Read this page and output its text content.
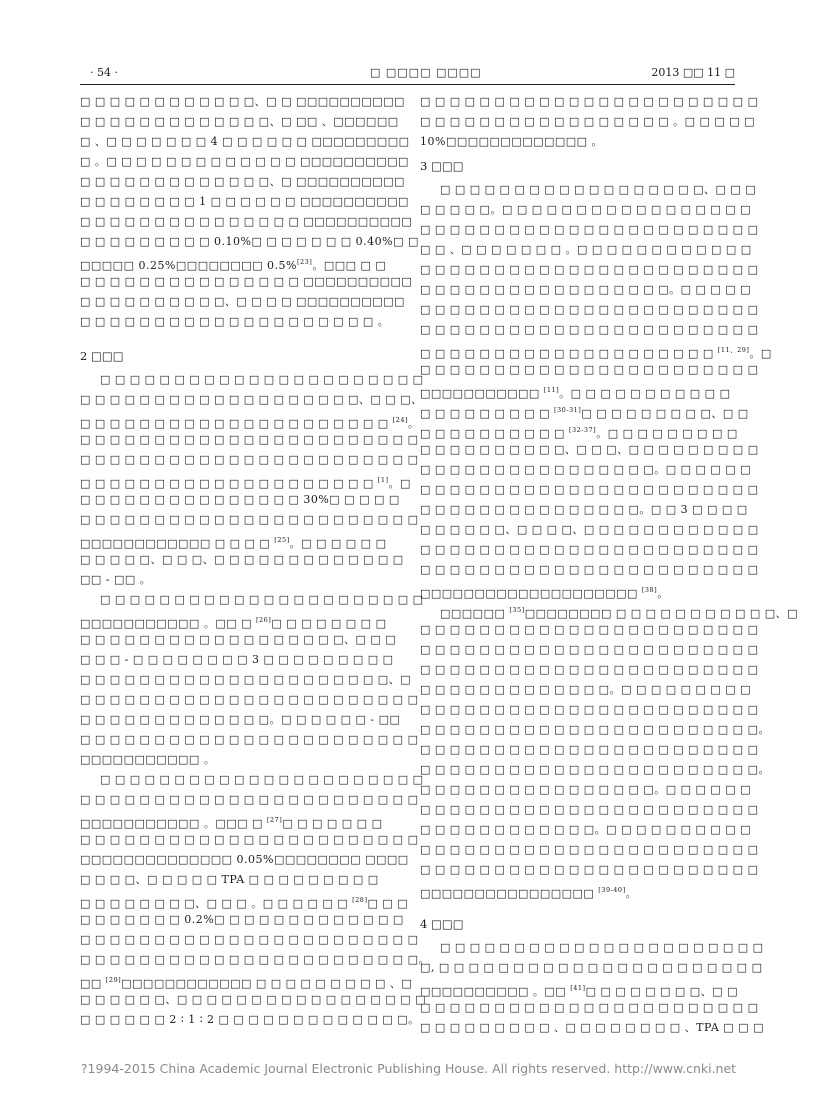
· 54 ·	□ □□□□ □□□□	2013 □□ 11 □
□ □ □ □ □ □ □ □ □ □ □ □、□ □ □□□□□□□□□□
□ □ □ □ □ □ □ □ □ □ □ □ □、□ □□ 、□□□□□□
□ 、□ □ □ □ □ □ □ 4 □ □ □ □ □ □ □□□□□□□□□
□ 。□ □ □ □ □ □ □ □ □ □ □ □ □ □□□□□□□□□□
□ □ □ □ □ □ □ □ □ □ □ □ □、□ □□□□□□□□□□
□ □ □ □ □ □ □ □ 1 □ □ □ □ □ □ □□□□□□□□□□
□ □ □ □ □ □ □ □ □ □ □ □ □ □ □ □□□□□□□□□□
□ □ □ □ □ □ □ □ □ 0.10%□ □ □ □ □ □ □ 0.40%□ □
□□□□□ 0.25%□□□□□□□□ 0.5%[23]。□□□ □ □
□ □ □ □ □ □ □ □ □ □ □ □ □ □ □ □□□□□□□□□□
□ □ □ □ □ □ □ □ □ □、□ □ □ □ □□□□□□□□□□
□ □ □ □ □ □ □ □ □ □ □ □ □ □ □ □ □ □ □ □ 。
2 □□□
□ □ □ □ □ □ □ □ □ □ □ □ □ □ □ □ □ □ □ □ □ □
□ □ □ □ □ □ □ □ □ □ □ □ □ □ □ □ □ □ □、□ □ □、
□ □ □ □ □ □ □ □ □ □ □ □ □ □ □ □ □ □ □ □ □ [24]。
□ □ □ □ □ □ □ □ □ □ □ □ □ □ □ □ □ □ □ □ □ □ □
□ □ □ □ □ □ □ □ □ □ □ □ □ □ □ □ □ □ □ □ □ □ □
□ □ □ □ □ □ □ □ □ □ □ □ □ □ □ □ □ □ □ □ [1]。□
□ □ □ □ □ □ □ □ □ □ □ □ □ □ □ 30%□ □ □ □ □
□ □ □ □ □ □ □ □ □ □ □ □ □ □ □ □ □ □ □ □ □ □ □
□□□□□□□□□□□□ □ □ □ □ [25]。□ □ □ □ □ □
□ □ □ □ □、□ □ □、□ □ □ □ □ □ □ □ □ □ □ □ □
□□ - □□ 。
□ □ □ □ □ □ □ □ □ □ □ □ □ □ □ □ □ □ □ □ □ □
□□□□□□□□□□□ 。□□ □ [26]□ □ □ □ □ □ □ □
□ □ □ □ □ □ □ □ □ □ □ □ □ □ □ □ □ □、□ □ □
□ □ □ - □ □ □ □ □ □ □ □ 3 □ □ □ □ □ □ □ □ □
□ □ □ □ □ □ □ □ □ □ □ □ □ □ □ □ □ □ □ □ □、□
□ □ □ □ □ □ □ □ □ □ □ □ □ □ □ □ □ □ □ □ □ □ □
□ □ □ □ □ □ □ □ □ □ □ □ □。□ □ □ □ □ □ - □□
□ □ □ □ □ □ □ □ □ □ □ □ □ □ □ □ □ □ □ □ □ □ □
□□□□□□□□□□□ 。
□ □ □ □ □ □ □ □ □ □ □ □ □ □ □ □ □ □ □ □ □ □
□ □ □ □ □ □ □ □ □ □ □ □ □ □ □ □ □ □ □ □ □ □ □
□□□□□□□□□□□ 。□□□ □ [27]□ □ □ □ □ □ □
□ □ □ □ □ □ □ □ □ □ □ □ □ □ □ □ □ □ □ □ □ □ □
□□□□□□□□□□□□□□ 0.05%□□□□□□□□ □□□□
□ □ □ □、□ □ □ □ □ TPA □ □ □ □ □ □ □ □ □
□ □ □ □ □ □ □ □、□ □ □ 。□ □ □ □ □ □ [28]□ □ □
□ □ □ □ □ □ □ 0.2%□ □ □ □ □ □ □ □ □ □ □ □ □
□ □ □ □ □ □ □ □ □ □ □ □ □ □ □ □ □ □ □ □ □ □ □
□ □ □ □ □ □ □ □ □ □ □ □ □ □ □ □ □ □ □ □ □ □ □。
□□ [29]□□□□□□□□□□□□ □ □ □ □ □ □ □ □ □ 、□
□ □ □ □ □ □、□ □ □ □ □ □ □ □ □ □ □ □ □ □ □ □ □
□ □ □ □ □ □ 2 ∶ 1 ∶ 2 □ □ □ □ □ □ □ □ □ □ □ □ □。
□ □ □ □ □ □ □ □ □ □ □ □ □ □ □ □ □ □ □ □ □ □ □
□ □ □ □ □ □ □ □ □ □ □ □ □ □ □ □ □ 。□ □ □ □ □
10%□□□□□□□□□□□□□ 。
3 □□□
□ □ □ □ □ □ □ □ □ □ □ □ □ □ □ □ □ □、□ □ □
□ □ □ □ □。□ □ □ □ □ □ □ □ □ □ □ □ □ □ □ □ □
□ □ □ □ □ □ □ □ □ □ □ □ □ □ □ □ □ □ □ □ □ □ □
□ □ 、□ □ □ □ □ □ □ 。□ □ □ □ □ □ □ □ □ □ □ □
□ □ □ □ □ □ □ □ □ □ □ □ □ □ □ □ □ □ □ □ □ □ □
□ □ □ □ □ □ □ □ □ □ □ □ □ □ □ □ □。□ □ □ □ □
□ □ □ □ □ □ □ □ □ □ □ □ □ □ □ □ □ □ □ □ □ □ □
□ □ □ □ □ □ □ □ □ □ □ □ □ □ □ □ □ □ □ □ □ □ □
□ □ □ □ □ □ □ □ □ □ □ □ □ □ □ □ □ □ □ □ [11、29]。□
□ □ □ □ □ □ □ □ □ □ □ □ □ □ □ □ □ □ □ □ □ □ □
□□□□□□□□□□□ [11]。□ □ □ □ □ □ □ □ □ □ □
□ □ □ □ □ □ □ □ □ [30-31]□ □ □ □ □ □ □ □ □、□ □
□ □ □ □ □ □ □ □ □ □ [32-37]。□ □ □ □ □ □ □ □ □
□ □ □ □ □ □ □ □ □ □、□ □ □、□ □ □ □ □ □ □ □ □
□ □ □ □ □ □ □ □ □ □ □ □ □ □ □ □。□ □ □ □ □ □
□ □ □ □ □ □ □ □ □ □ □ □ □ □ □ □ □ □ □ □ □ □ □
□ □ □ □ □ □ □ □ □ □ □ □ □ □ □。□ □ 3 □ □ □ □
□ □ □ □ □ □、□ □ □ □、□ □ □ □ □ □ □ □ □ □ □ □
□ □ □ □ □ □ □ □ □ □ □ □ □ □ □ □ □ □ □ □ □ □ □
□ □ □ □ □ □ □ □ □ □ □ □ □ □ □ □ □ □ □ □ □ □ □
□□□□□□□□□□□□□□□□□□□□ [38]。
□□□□□□ [35]□□□□□□□□ □ □ □ □ □ □ □ □ □ □ □、□
□ □ □ □ □ □ □ □ □ □ □ □ □ □ □ □ □ □ □ □ □ □ □
□ □ □ □ □ □ □ □ □ □ □ □ □ □ □ □ □ □ □ □ □ □ □
□ □ □ □ □ □ □ □ □ □ □ □ □ □ □ □ □ □ □ □ □ □ □
□ □ □ □ □ □ □ □ □ □ □ □ □。□ □ □ □ □ □ □ □ □
□ □ □ □ □ □ □ □ □ □ □ □ □ □ □ □ □ □ □ □ □ □ □
□ □ □ □ □ □ □ □ □ □ □ □ □ □ □ □ □ □ □ □ □ □ □。
□ □ □ □ □ □ □ □ □ □ □ □ □ □ □ □ □ □ □ □ □ □ □
□ □ □ □ □ □ □ □ □ □ □ □ □ □ □ □ □ □ □ □ □ □ □。
□ □ □ □ □ □ □ □ □ □ □ □ □ □ □ □。□ □ □ □ □ □
□ □ □ □ □ □ □ □ □ □ □ □ □ □ □ □ □ □ □ □ □ □ □
□ □ □ □ □ □ □ □ □ □ □ □。□ □ □ □ □ □ □ □ □ □
□ □ □ □ □ □ □ □ □ □ □ □ □ □ □ □ □ □ □ □ □ □ □
□ □ □ □ □ □ □ □ □ □ □ □ □ □ □ □ □ □ □ □ □ □ □
□□□□□□□□□□□□□□□□ [39-40]。
4 □□□
□ □ □ □ □ □ □ □ □ □ □ □ □ □ □ □ □ □ □ □ □ □
□, □ □ □ □ □ □ □ □ □ □ □ □ □ □ □ □ □ □ □ □ □ □
□□□□□□□□□□ 。□□ [41]□ □ □ □ □ □ □ □、□ □
□ □ □ □ □ □ □ □ □ □ □ □ □ □ □ □ □ □ □ □ □ □ □
□ □ □ □ □ □ □ □ □ 、□ □ □ □ □ □ □ □ 、TPA □ □ □
?1994-2015 China Academic Journal Electronic Publishing House. All rights reserved. http://www.cnki.net
